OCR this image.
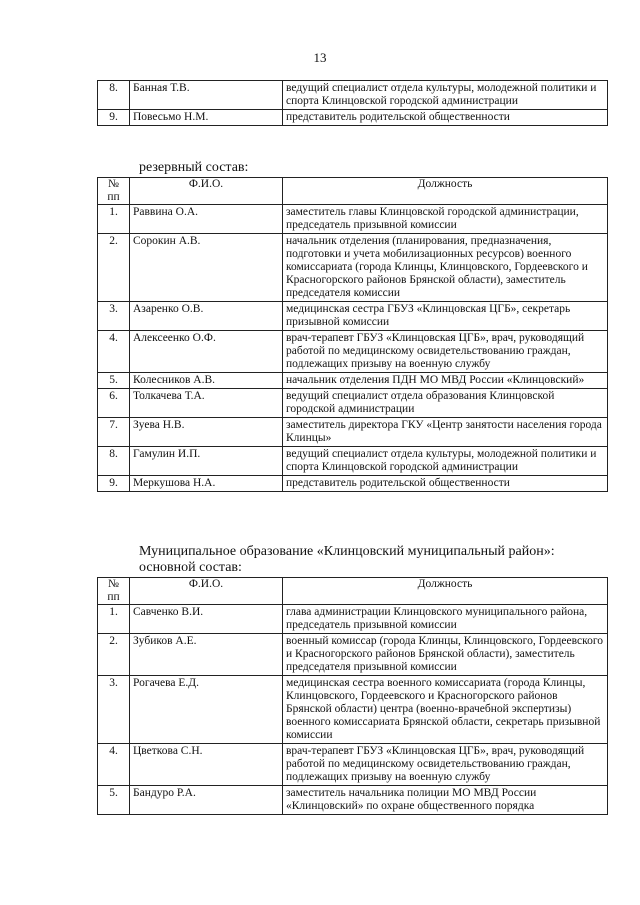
13
8.	Банная Т.В.	ведущий специалист отдела культуры, молодежной политики и спорта Клинцовской городской администрации
9.	Повесьмо Н.М.	представитель родительской общественности
резервный состав:
№ пп	Ф.И.О.	Должность
1.	Раввина О.А.	заместитель главы Клинцовской городской администрации, председатель призывной комиссии
2.	Сорокин А.В.	начальник отделения (планирования, предназначения, подготовки и учета мобилизационных ресурсов) военного комиссариата (города Клинцы, Клинцовского, Гордеевского и Красногорского районов Брянской области), заместитель председателя комиссии
3.	Азаренко О.В.	медицинская сестра ГБУЗ «Клинцовская ЦГБ», секретарь призывной комиссии
4.	Алексеенко О.Ф.	врач-терапевт ГБУЗ «Клинцовская ЦГБ», врач, руководящий работой по медицинскому освидетельствованию граждан, подлежащих призыву на военную службу
5.	Колесников А.В.	начальник отделения ПДН МО МВД России «Клинцовский»
6.	Толкачева Т.А.	ведущий специалист отдела образования Клинцовской городской администрации
7.	Зуева Н.В.	заместитель директора ГКУ «Центр занятости населения города Клинцы»
8.	Гамулин И.П.	ведущий специалист отдела культуры, молодежной политики и спорта Клинцовской городской администрации
9.	Меркушова Н.А.	представитель родительской общественности
Муниципальное образование «Клинцовский муниципальный район»:
основной состав:
№ пп	Ф.И.О.	Должность
1.	Савченко В.И.	глава администрации Клинцовского муниципального района, председатель призывной комиссии
2.	Зубиков А.Е.	военный комиссар (города Клинцы, Клинцовского, Гордеевского и Красногорского районов Брянской области), заместитель председателя призывной комиссии
3.	Рогачева Е.Д.	медицинская сестра военного комиссариата (города Клинцы, Клинцовского, Гордеевского и Красногорского районов Брянской области) центра (военно-врачебной экспертизы) военного комиссариата Брянской области, секретарь призывной комиссии
4.	Цветкова С.Н.	врач-терапевт ГБУЗ «Клинцовская ЦГБ», врач, руководящий работой по медицинскому освидетельствованию граждан, подлежащих призыву на военную службу
5.	Бандуро Р.А.	заместитель начальника полиции МО МВД России «Клинцовский» по охране общественного порядка
